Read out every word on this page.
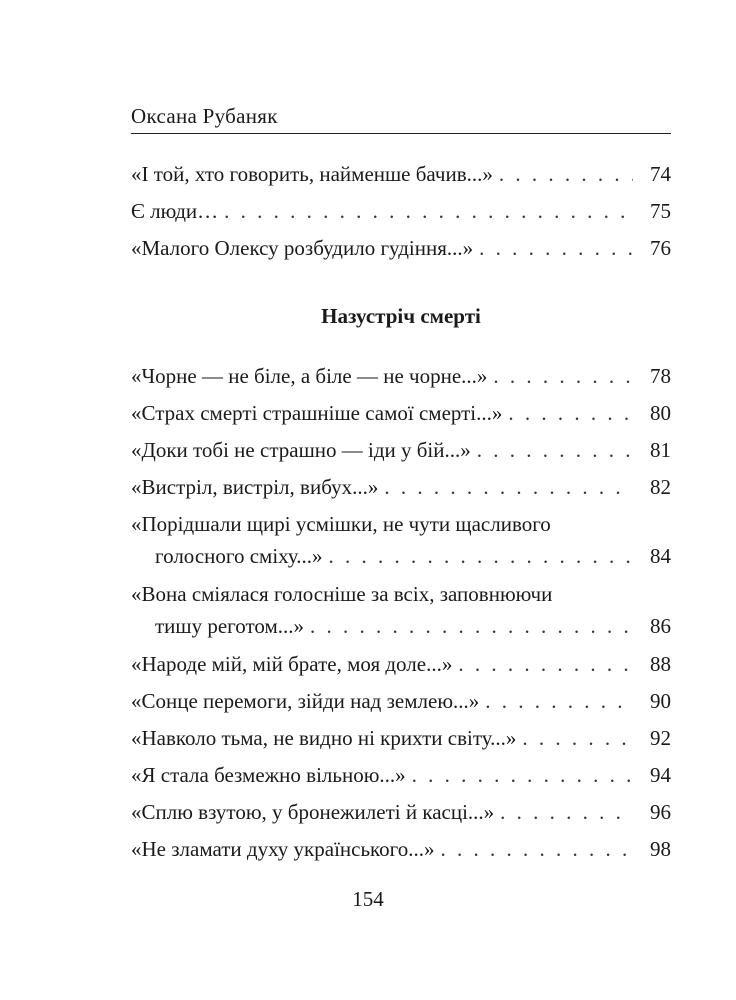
Оксана Рубаняк
«І той, хто говорить, найменше бачив...» . . .	74
Є люди… . . .	75
«Малого Олексу розбудило гудіння...» . . .	76
Назустріч смерті
«Чорне — не біле, а біле — не чорне...» . . .	78
«Страх смерті страшніше самої смерті...» . . .	80
«Доки тобі не страшно — іди у бій...» . . .	81
«Вистріл, вистріл, вибух...» . . .	82
«Порідшали щирі усмішки, не чути щасливого
голосного сміху...» . . .	84
«Вона сміялася голосніше за всіх, заповнюючи
тишу реготом...» . . .	86
«Народе мій, мій брате, моя доле...» . . .	88
«Сонце перемоги, зійди над землею...» . . .	90
«Навколо тьма, не видно ні крихти світу...» . . .	92
«Я стала безмежно вільною...» . . .	94
«Сплю взутою, у бронежилеті й касці...» . . .	96
«Не зламати духу українського...» . . .	98
154
